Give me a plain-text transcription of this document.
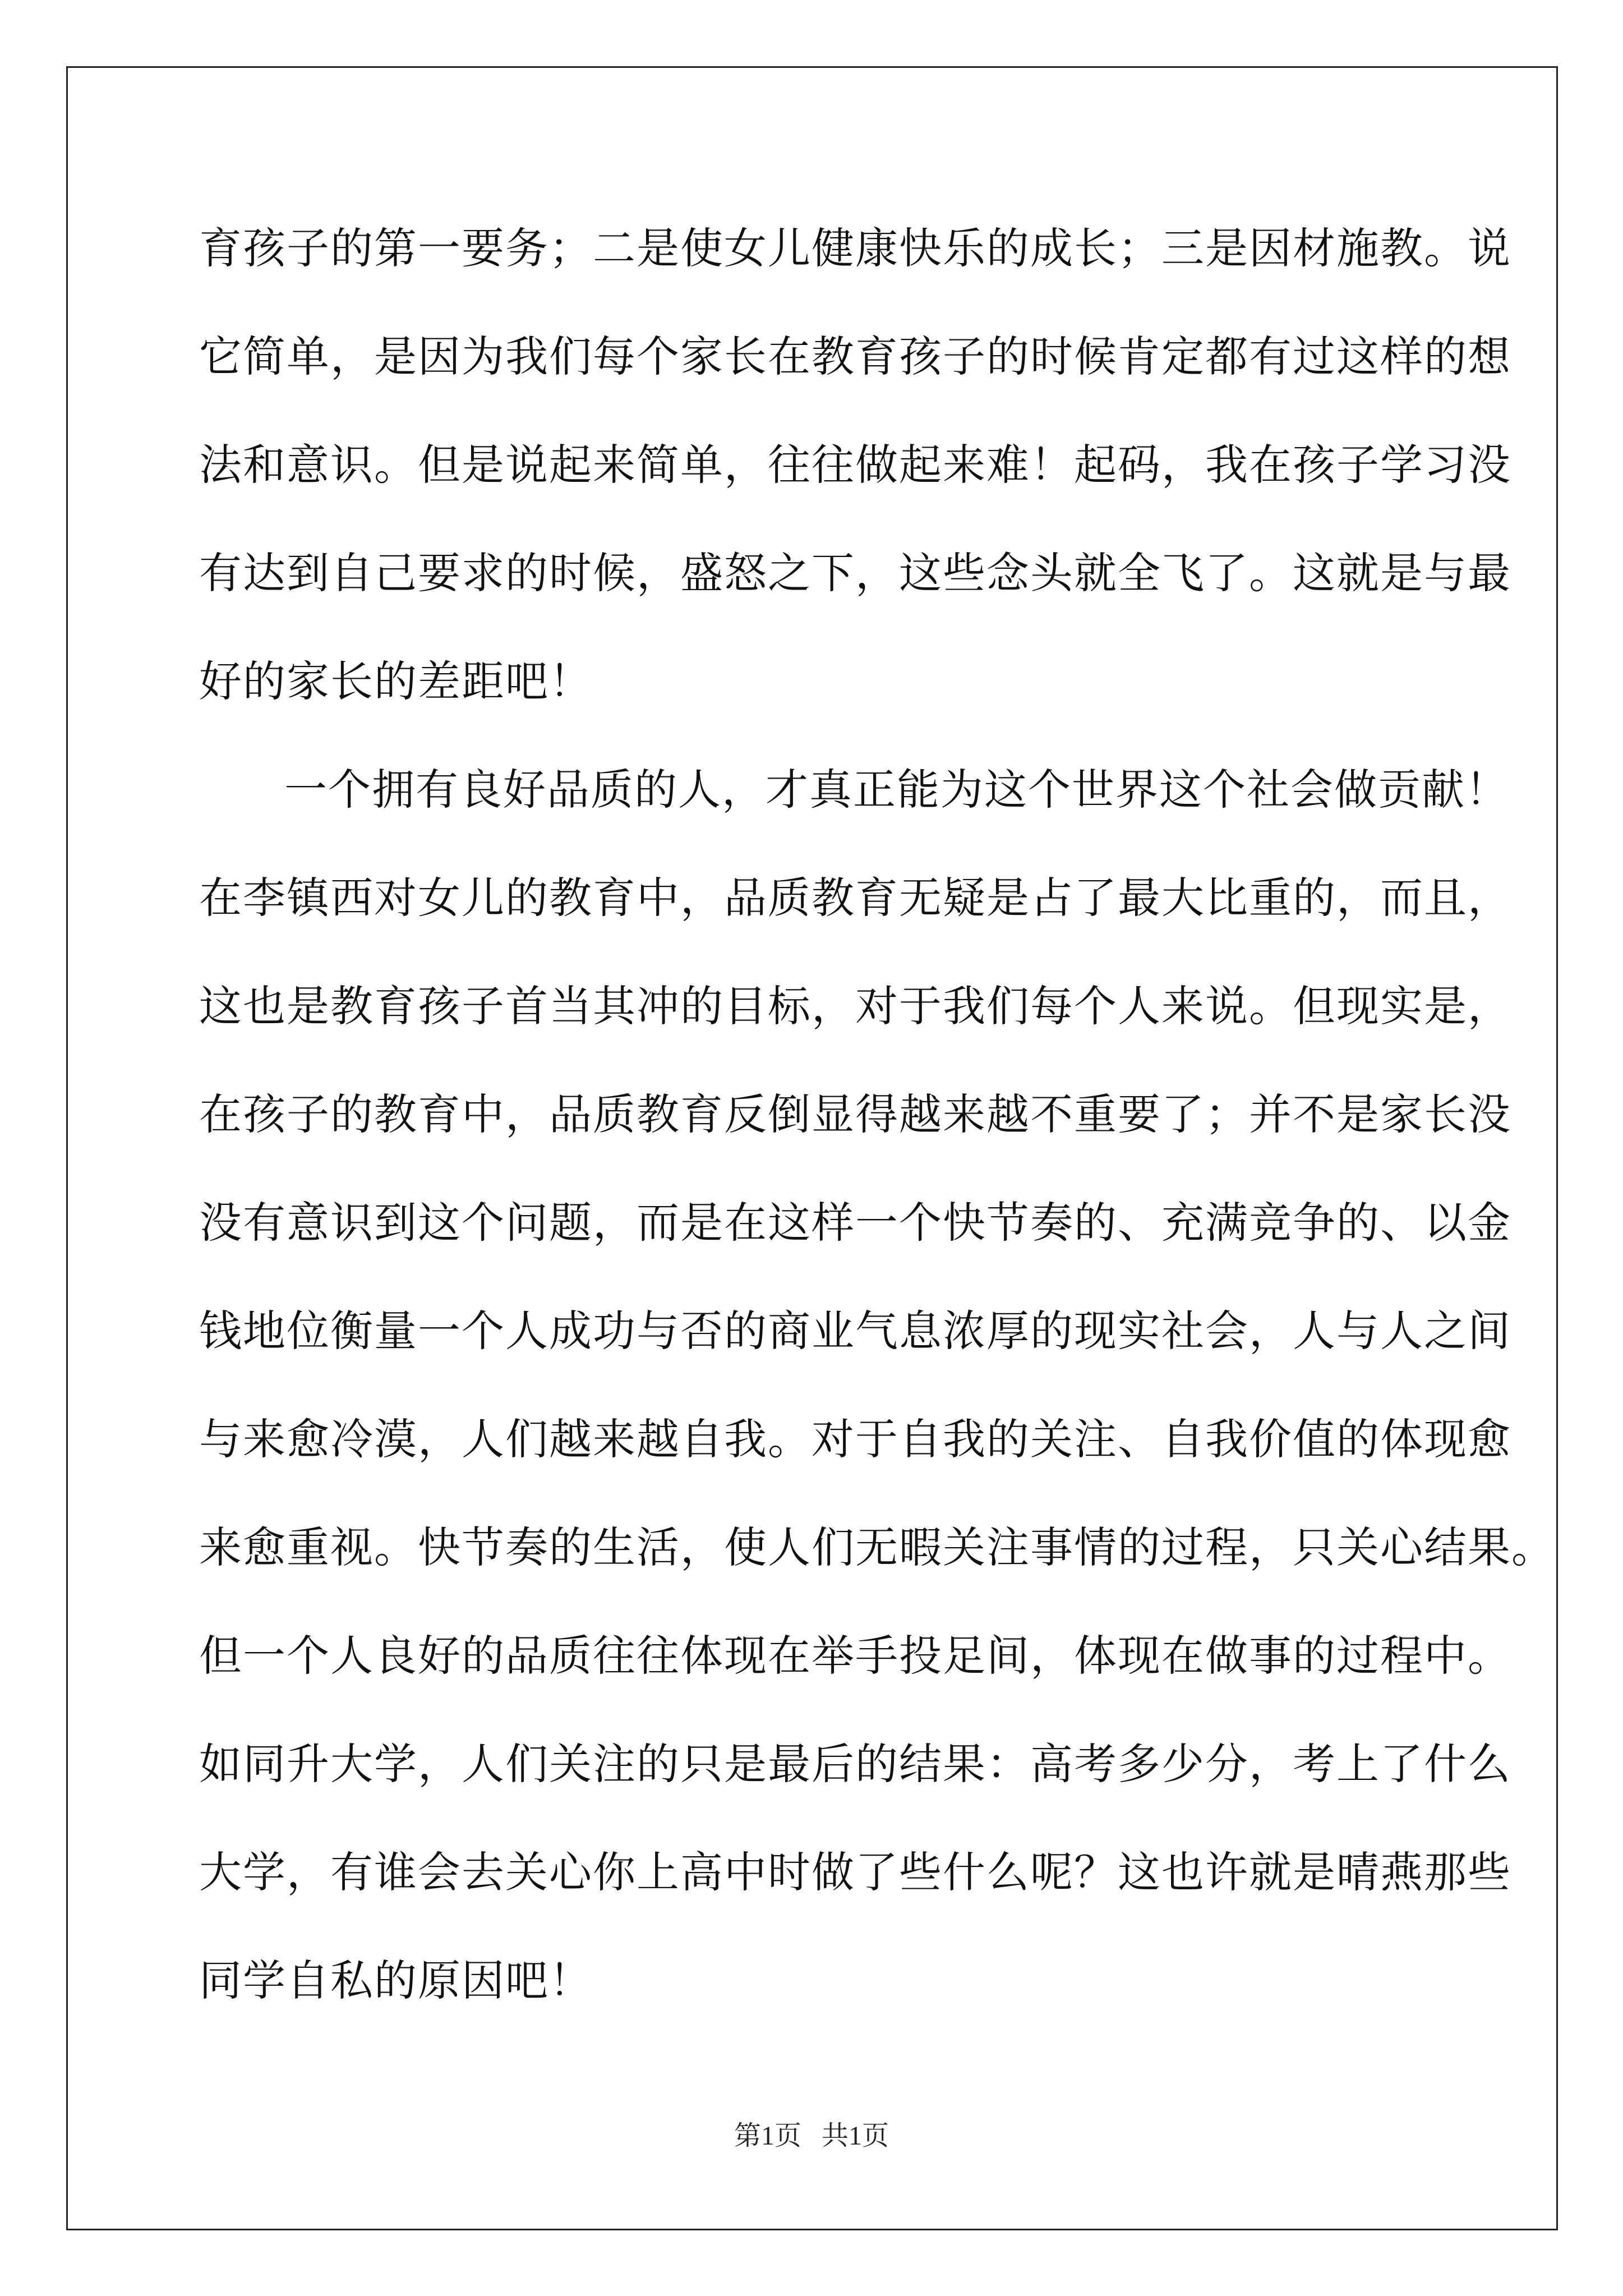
育孩子的第一要务；二是使女儿健康快乐的成长；三是因材施教。说
它简单，是因为我们每个家长在教育孩子的时候肯定都有过这样的想
法和意识。但是说起来简单，往往做起来难！起码，我在孩子学习没
有达到自己要求的时候，盛怒之下，这些念头就全飞了。这就是与最
好的家长的差距吧！
一个拥有良好品质的人，才真正能为这个世界这个社会做贡献！
在李镇西对女儿的教育中，品质教育无疑是占了最大比重的，而且，
这也是教育孩子首当其冲的目标，对于我们每个人来说。但现实是，
在孩子的教育中，品质教育反倒显得越来越不重要了；并不是家长没
没有意识到这个问题，而是在这样一个快节奏的、充满竞争的、以金
钱地位衡量一个人成功与否的商业气息浓厚的现实社会，人与人之间
与来愈冷漠，人们越来越自我。对于自我的关注、自我价值的体现愈
来愈重视。快节奏的生活，使人们无暇关注事情的过程，只关心结果。
但一个人良好的品质往往体现在举手投足间，体现在做事的过程中。
如同升大学，人们关注的只是最后的结果：高考多少分，考上了什么
大学，有谁会去关心你上高中时做了些什么呢？这也许就是晴燕那些
同学自私的原因吧！
第1页   共1页
